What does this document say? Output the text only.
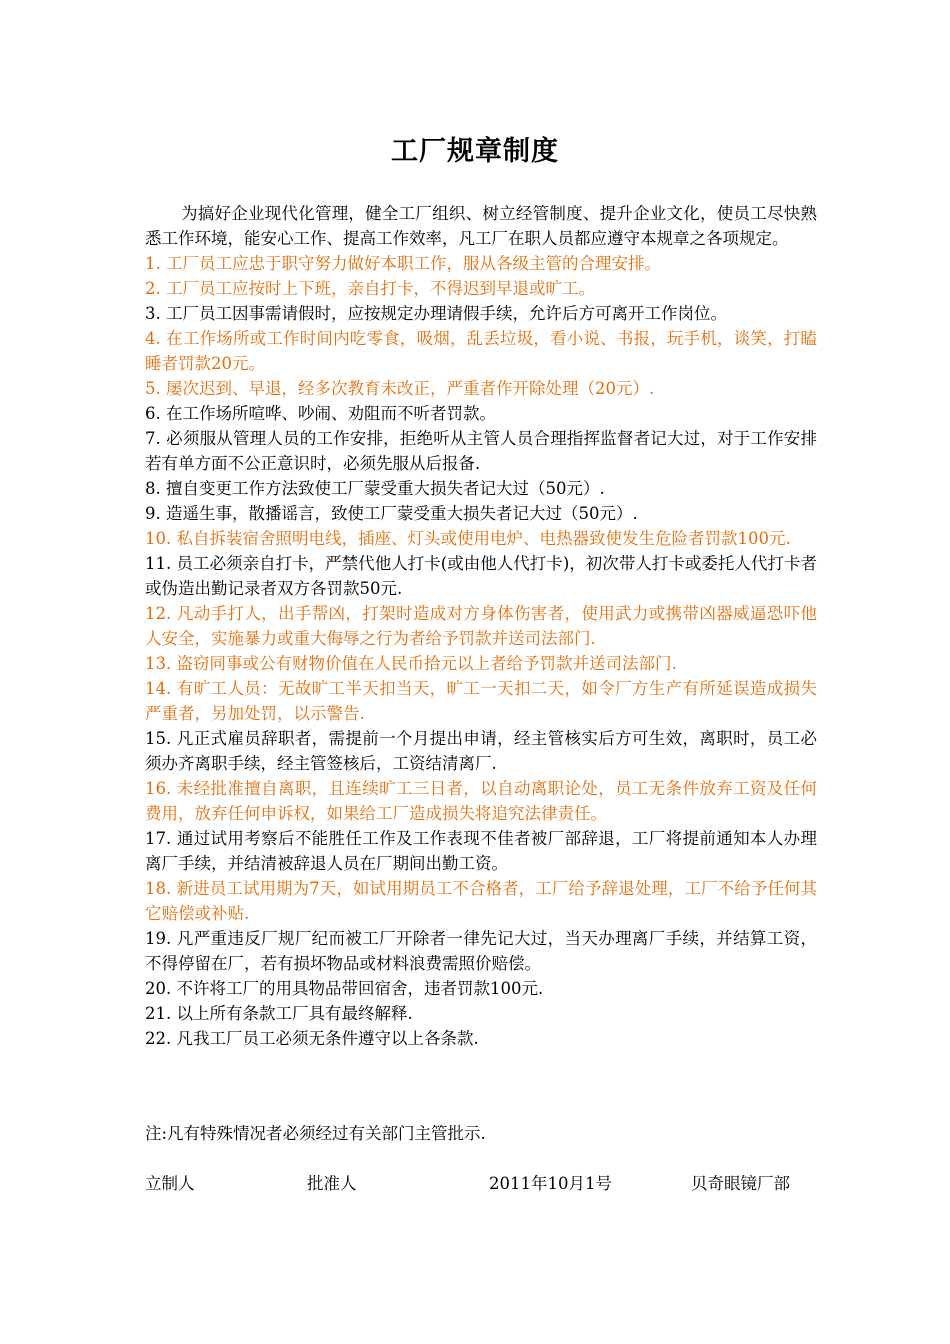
工厂规章制度

为搞好企业现代化管理，健全工厂组织、树立经管制度、提升企业文化，使员工尽快熟悉工作环境，能安心工作、提高工作效率，凡工厂在职人员都应遵守本规章之各项规定。

1. 工厂员工应忠于职守努力做好本职工作，服从各级主管的合理安排。

2. 工厂员工应按时上下班，亲自打卡，不得迟到早退或旷工。

3. 工厂员工因事需请假时，应按规定办理请假手续，允许后方可离开工作岗位。

4. 在工作场所或工作时间内吃零食，吸烟，乱丢垃圾，看小说、书报，玩手机，谈笑，打瞌睡者罚款20元。

5. 屡次迟到、早退，经多次教育未改正，严重者作开除处理（20元）.

6. 在工作场所喧哗、吵闹、劝阻而不听者罚款。

7. 必须服从管理人员的工作安排，拒绝听从主管人员合理指挥监督者记大过，对于工作安排若有单方面不公正意识时，必须先服从后报备.

8. 擅自变更工作方法致使工厂蒙受重大损失者记大过（50元）.

9. 造遥生事，散播谣言，致使工厂蒙受重大损失者记大过（50元）.

10. 私自拆装宿舍照明电线，插座、灯头或使用电炉、电热器致使发生危险者罚款100元.

11. 员工必须亲自打卡，严禁代他人打卡(或由他人代打卡)，初次带人打卡或委托人代打卡者或伪造出勤记录者双方各罚款50元.

12. 凡动手打人，出手帮凶，打架时造成对方身体伤害者，使用武力或携带凶器威逼恐吓他人安全，实施暴力或重大侮辱之行为者给予罚款并送司法部门.

13. 盗窃同事或公有财物价值在人民币拾元以上者给予罚款并送司法部门.

14. 有旷工人员：无故旷工半天扣当天，旷工一天扣二天，如令厂方生产有所延误造成损失严重者，另加处罚，以示警告.

15. 凡正式雇员辞职者，需提前一个月提出申请，经主管核实后方可生效，离职时，员工必须办齐离职手续，经主管签核后，工资结清离厂.

16. 未经批准擅自离职，且连续旷工三日者，以自动离职论处，员工无条件放弃工资及任何费用，放弃任何申诉权，如果给工厂造成损失将追究法律责任。

17. 通过试用考察后不能胜任工作及工作表现不佳者被厂部辞退，工厂将提前通知本人办理离厂手续，并结清被辞退人员在厂期间出勤工资。

18. 新进员工试用期为7天，如试用期员工不合格者，工厂给予辞退处理，工厂不给予任何其它赔偿或补贴.

19. 凡严重违反厂规厂纪而被工厂开除者一律先记大过，当天办理离厂手续，并结算工资，不得停留在厂，若有损坏物品或材料浪费需照价赔偿。

20. 不许将工厂的用具物品带回宿舍，违者罚款100元.

21. 以上所有条款工厂具有最终解释.

22. 凡我工厂员工必须无条件遵守以上各条款.

注:凡有特殊情况者必须经过有关部门主管批示.
立制人	批准人	2011年10月1号	贝奇眼镜厂部
